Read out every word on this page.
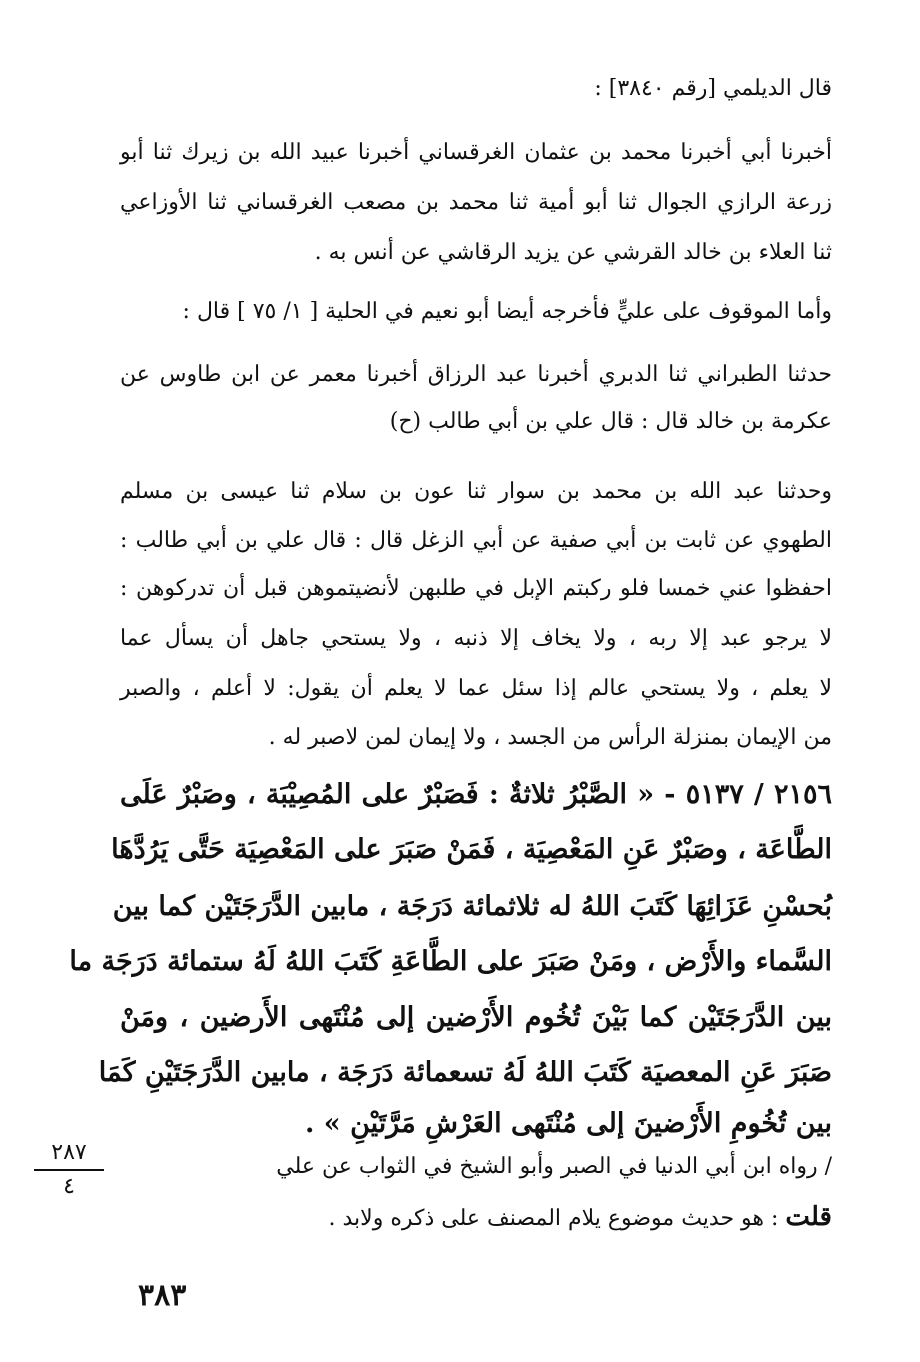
قال الديلمي [رقم ٣٨٤٠] :
أخبرنا أبي أخبرنا محمد بن عثمان الغرقساني أخبرنا عبيد الله بن زيرك ثنا أبو
زرعة الرازي الجوال ثنا أبو أمية ثنا محمد بن مصعب الغرقساني ثنا الأوزاعي
ثنا العلاء بن خالد القرشي عن يزيد الرقاشي عن أنس به .
وأما الموقوف على عليٍّ فأخرجه أيضا أبو نعيم في الحلية [ ١/ ٧٥ ] قال :
حدثنا الطبراني ثنا الدبري أخبرنا عبد الرزاق أخبرنا معمر عن ابن طاوس عن
عكرمة بن خالد قال : قال علي بن أبي طالب (ح)
وحدثنا عبد الله بن محمد بن سوار ثنا عون بن سلام ثنا عيسى بن مسلم
الطهوي عن ثابت بن أبي صفية عن أبي الزغل قال : قال علي بن أبي طالب :
احفظوا عني خمسا فلو ركبتم الإبل في طلبهن لأنضيتموهن قبل أن تدركوهن :
لا يرجو عبد إلا ربه ، ولا يخاف إلا ذنبه ، ولا يستحي جاهل أن يسأل عما
لا يعلم ، ولا يستحي عالم إذا سئل عما لا يعلم أن يقول: لا أعلم ، والصبر
من الإيمان بمنزلة الرأس من الجسد ، ولا إيمان لمن لاصبر له .
٢١٥٦ / ٥١٣٧ - « الصَّبْرُ ثلاثةٌ : فَصَبْرٌ على المُصِيْبَة ، وصَبْرٌ عَلَى
الطَّاعَة ، وصَبْرٌ عَنِ المَعْصِيَة ، فَمَنْ صَبَرَ على المَعْصِيَة حَتَّى يَرُدَّهَا
بُحسْنِ عَزَائِهَا كَتَبَ اللهُ له ثلاثمائة دَرَجَة ، مابين الدَّرَجَتَيْن كما بين
السَّماء والأَرْض ، ومَنْ صَبَرَ على الطَّاعَةِ كَتَبَ اللهُ لَهُ ستمائة دَرَجَة ما
بين الدَّرَجَتَيْن كما بَيْنَ تُخُوم الأَرْضين إلى مُنْتَهى الأَرضين ، ومَنْ
صَبَرَ عَنِ المعصيَة كَتَبَ اللهُ لَهُ تسعمائة دَرَجَة ، مابين الدَّرَجَتَيْنِ كَمَا
بين تُخُومِ الأَرْضينَ إلى مُنْتَهى العَرْشِ مَرَّتَيْنِ » .
٢٨٧
٤
/ رواه ابن أبي الدنيا في الصبر وأبو الشيخ في الثواب عن علي
قلت : هو حديث موضوع يلام المصنف على ذكره ولابد .
٣٨٣
